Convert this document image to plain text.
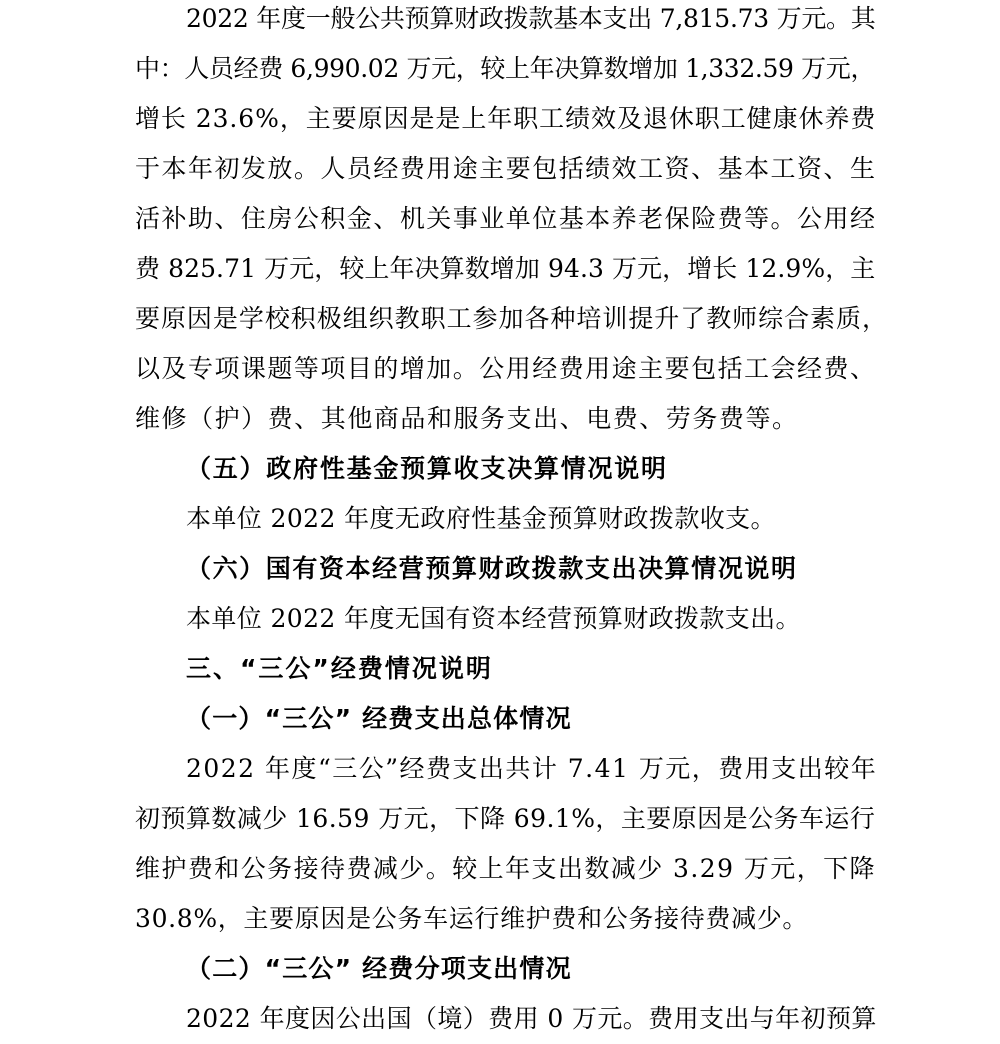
2022 年度一般公共预算财政拨款基本支出 7,815.73 万元。其
中：人员经费 6,990.02 万元，较上年决算数增加 1,332.59 万元，
增长 23.6%，主要原因是是上年职工绩效及退休职工健康休养费
于本年初发放。人员经费用途主要包括绩效工资、基本工资、生
活补助、住房公积金、机关事业单位基本养老保险费等。公用经
费 825.71 万元，较上年决算数增加 94.3 万元，增长 12.9%，主
要原因是学校积极组织教职工参加各种培训提升了教师综合素质，
以及专项课题等项目的增加。公用经费用途主要包括工会经费、
维修（护）费、其他商品和服务支出、电费、劳务费等。
（五）政府性基金预算收支决算情况说明
本单位 2022 年度无政府性基金预算财政拨款收支。
（六）国有资本经营预算财政拨款支出决算情况说明
本单位 2022 年度无国有资本经营预算财政拨款支出。
三、“三公”经费情况说明
（一）“三公” 经费支出总体情况
2022 年度“三公”经费支出共计 7.41 万元，费用支出较年
初预算数减少 16.59 万元，下降 69.1%，主要原因是公务车运行
维护费和公务接待费减少。较上年支出数减少 3.29 万元，下降
30.8%，主要原因是公务车运行维护费和公务接待费减少。
（二）“三公” 经费分项支出情况
2022 年度因公出国（境）费用 0 万元。费用支出与年初预算
